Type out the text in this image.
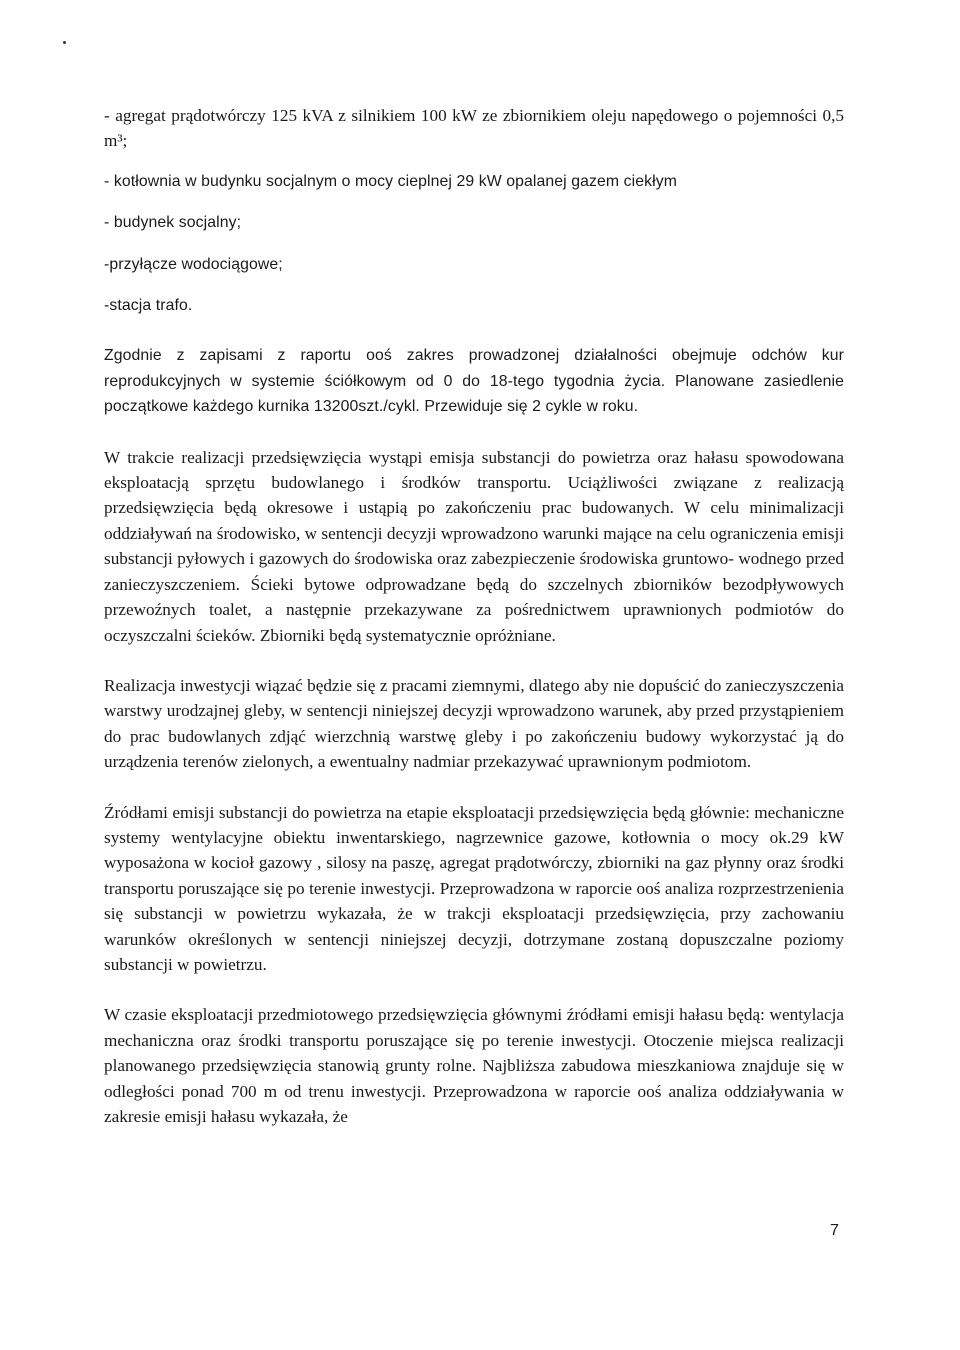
- agregat prądotwórczy 125 kVA z silnikiem 100 kW ze zbiornikiem oleju napędowego o pojemności 0,5 m³;

- kotłownia w budynku socjalnym o mocy cieplnej 29 kW opalanej gazem ciekłym

- budynek socjalny;

-przyłącze wodociągowe;

-stacja trafo.

Zgodnie z zapisami z raportu ooś zakres prowadzonej działalności obejmuje odchów kur reprodukcyjnych w systemie ściółkowym od 0 do 18-tego tygodnia życia. Planowane zasiedlenie początkowe każdego kurnika 13200szt./cykl. Przewiduje się 2 cykle w roku.

W trakcie realizacji przedsięwzięcia wystąpi emisja substancji do powietrza oraz hałasu spowodowana eksploatacją sprzętu budowlanego i środków transportu. Uciążliwości związane z realizacją przedsięwzięcia będą okresowe i ustąpią po zakończeniu prac budowanych. W celu minimalizacji oddziaływań na środowisko, w sentencji decyzji wprowadzono warunki mające na celu ograniczenia emisji substancji pyłowych i gazowych do środowiska oraz zabezpieczenie środowiska gruntowo- wodnego przed zanieczyszczeniem. Ścieki bytowe odprowadzane będą do szczelnych zbiorników bezodpływowych przewoźnych toalet, a następnie przekazywane za pośrednictwem uprawnionych podmiotów do oczyszczalni ścieków. Zbiorniki będą systematycznie opróżniane.

Realizacja inwestycji wiązać będzie się z pracami ziemnymi, dlatego aby nie dopuścić do zanieczyszczenia warstwy urodzajnej gleby, w sentencji niniejszej decyzji wprowadzono warunek, aby przed przystąpieniem do prac budowlanych zdjąć wierzchnią warstwę gleby i po zakończeniu budowy wykorzystać ją do urządzenia terenów zielonych, a ewentualny nadmiar przekazywać uprawnionym podmiotom.

Źródłami emisji substancji do powietrza na etapie eksploatacji przedsięwzięcia będą głównie: mechaniczne systemy wentylacyjne obiektu inwentarskiego, nagrzewnice gazowe, kotłownia o mocy ok.29 kW wyposażona w kocioł gazowy , silosy na paszę, agregat prądotwórczy, zbiorniki na gaz płynny oraz środki transportu poruszające się po terenie inwestycji. Przeprowadzona w raporcie ooś analiza rozprzestrzenienia się substancji w powietrzu wykazała, że w trakcji eksploatacji przedsięwzięcia, przy zachowaniu warunków określonych w sentencji niniejszej decyzji, dotrzymane zostaną dopuszczalne poziomy substancji w powietrzu.

W czasie eksploatacji przedmiotowego przedsięwzięcia głównymi źródłami emisji hałasu będą: wentylacja mechaniczna oraz środki transportu poruszające się po terenie inwestycji. Otoczenie miejsca realizacji planowanego przedsięwzięcia stanowią grunty rolne. Najbliższa zabudowa mieszkaniowa znajduje się w odległości ponad 700 m od trenu inwestycji. Przeprowadzona w raporcie ooś analiza oddziaływania w zakresie emisji hałasu wykazała, że

7
